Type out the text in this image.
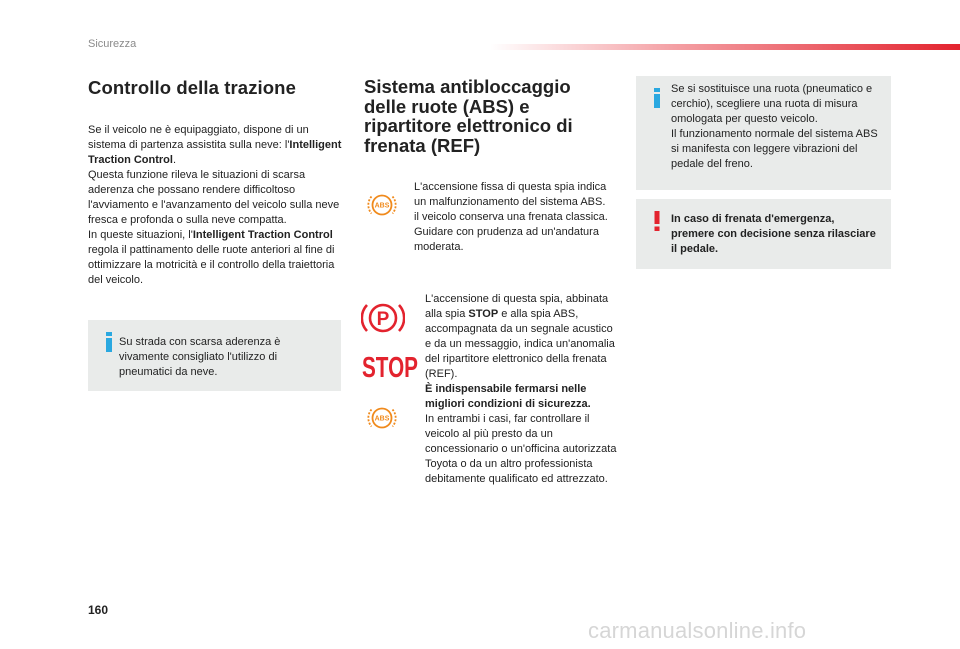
Sicurezza
Controllo della trazione

Se il veicolo ne è equipaggiato, dispone di un sistema di partenza assistita sulla neve: l'Intelligent Traction Control.
Questa funzione rileva le situazioni di scarsa aderenza che possano rendere difficoltoso l'avviamento e l'avanzamento del veicolo sulla neve fresca e profonda o sulla neve compatta.
In queste situazioni, l'Intelligent Traction Control regola il pattinamento delle ruote anteriori al fine di ottimizzare la motricità e il controllo della traiettoria del veicolo.

Su strada con scarsa aderenza è vivamente consigliato l'utilizzo di pneumatici da neve.

Sistema antibloccaggio delle ruote (ABS) e ripartitore elettronico di frenata (REF)
ABS

L'accensione fissa di questa spia indica un malfunzionamento del sistema ABS.
il veicolo conserva una frenata classica. Guidare con prudenza ad un'andatura moderata.

P
STOP
ABS

L'accensione di questa spia, abbinata alla spia STOP e alla spia ABS, accompagnata da un segnale acustico e da un messaggio, indica un'anomalia del ripartitore elettronico della frenata (REF).
È indispensabile fermarsi nelle migliori condizioni di sicurezza.
In entrambi i casi, far controllare il veicolo al più presto da un concessionario o un'officina autorizzata Toyota o da un altro professionista debitamente qualificato ed attrezzato.

Se si sostituisce una ruota (pneumatico e cerchio), scegliere una ruota di misura omologata per questo veicolo.
Il funzionamento normale del sistema ABS si manifesta con leggere vibrazioni del pedale del freno.

In caso di frenata d'emergenza, premere con decisione senza rilasciare il pedale.

160
carmanualsonline.info
